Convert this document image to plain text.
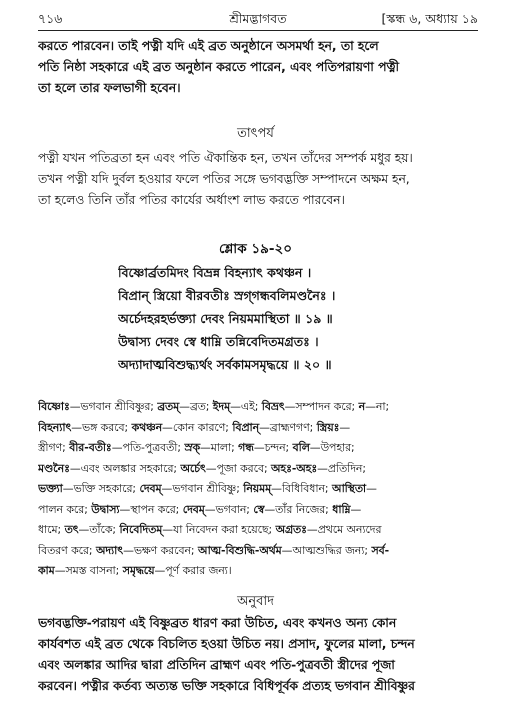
৭১৬	শ্রীমদ্ভাগবত	[স্কন্ধ ৬, অধ্যায় ১৯
করতে পারবেন। তাই পত্নী যদি এই ব্রত অনুষ্ঠানে অসমর্থা হন, তা হলে
পতি নিষ্ঠা সহকারে এই ব্রত অনুষ্ঠান করতে পারেন, এবং পতিপরায়ণা পত্নী
তা হলে তার ফলভাগী হবেন।
তাৎপর্য
পত্নী যখন পতিব্রতা হন এবং পতি ঐকান্তিক হন, তখন তাঁদের সম্পর্ক মধুর হয়।
তখন পত্নী যদি দুর্বল হওয়ার ফলে পতির সঙ্গে ভগবদ্ভক্তি সম্পাদনে অক্ষম হন,
তা হলেও তিনি তাঁর পতির কার্যের অর্ধাংশ লাভ করতে পারবেন।
শ্লোক ১৯-২০
বিষ্ণোর্ব্রতমিদং বিভ্রন্ন বিহন্যাৎ কথঞ্চন ।
বিপ্রান্ স্ত্রিয়ো বীরবতীঃ স্রগ্‌গন্ধবলিমণ্ডনৈঃ ।
অর্চেদহরহর্ভক্ত্যা দেবং নিয়মমাস্থিতা ॥ ১৯ ॥
উদ্বাস্য দেবং স্বে ধাম্নি তন্নিবেদিতমগ্রতঃ ।
অদ্যাদাত্মবিশুদ্ধ্যর্থং সর্বকামসমৃদ্ধয়ে ॥ ২০ ॥
বিষ্ণোঃ—ভগবান শ্রীবিষ্ণুর; ব্রতম্—ব্রত; ইদম্—এই; বিভ্রৎ—সম্পাদন করে; ন—না;
বিহন্যাৎ—ভঙ্গ করবে; কথঞ্চন—কোন কারণে; বিপ্রান্—ব্রাহ্মণগণ; স্ত্রিয়ঃ—
স্ত্রীগণ; বীর-বতীঃ—পতি-পুত্রবতী; স্রক্—মালা; গন্ধ—চন্দন; বলি—উপহার;
মণ্ডনৈঃ—এবং অলঙ্কার সহকারে; অর্চেৎ—পূজা করবে; অহঃ-অহঃ—প্রতিদিন;
ভক্ত্যা—ভক্তি সহকারে; দেবম্—ভগবান শ্রীবিষ্ণু; নিয়মম্—বিধিবিধান; আস্থিতা—
পালন করে; উদ্বাস্য—স্থাপন করে; দেবম্—ভগবান; স্বে—তাঁর নিজের; ধাম্নি—
ধামে; তৎ—তাঁকে; নিবেদিতম্—যা নিবেদন করা হয়েছে; অগ্রতঃ—প্রথমে অন্যদের
বিতরণ করে; অদ্যাৎ—ভক্ষণ করবেন; আত্ম-বিশুদ্ধি-অর্থম—আত্মশুদ্ধির জন্য; সর্ব-
কাম—সমস্ত বাসনা; সমৃদ্ধয়ে—পূর্ণ করার জন্য।
অনুবাদ
ভগবদ্ভক্তি-পরায়ণ এই বিষ্ণুব্রত ধারণ করা উচিত, এবং কখনও অন্য কোন
কার্যবশত এই ব্রত থেকে বিচলিত হওয়া উচিত নয়। প্রসাদ, ফুলের মালা, চন্দন
এবং অলঙ্কার আদির দ্বারা প্রতিদিন ব্রাহ্মণ এবং পতি-পুত্রবতী স্ত্রীদের পূজা
করবেন। পত্নীর কর্তব্য অত্যন্ত ভক্তি সহকারে বিধিপূর্বক প্রত্যহ ভগবান শ্রীবিষ্ণুর
